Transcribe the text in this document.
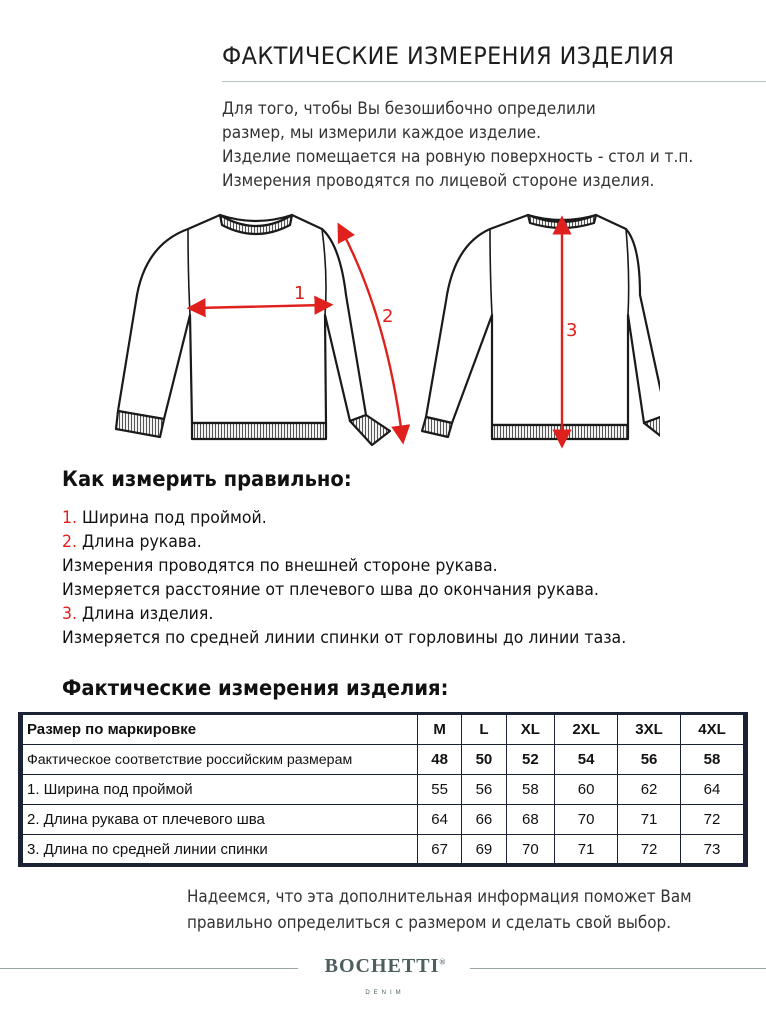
ФАКТИЧЕСКИЕ ИЗМЕРЕНИЯ ИЗДЕЛИЯ
Для того, чтобы Вы безошибочно определили
размер, мы измерили каждое изделие.
Изделие помещается на ровную поверхность - стол и т.п.
Измерения проводятся по лицевой стороне изделия.
1
2
3
Как измерить правильно:
1. Ширина под проймой.
2. Длина рукава.
Измерения проводятся по внешней стороне рукава.
Измеряется расстояние от плечевого шва до окончания рукава.
3. Длина изделия.
Измеряется по средней линии спинки от горловины до линии таза.
Фактические измерения изделия:
Размер по маркировке	M	L	XL	2XL	3XL	4XL
Фактическое соответствие российским размерам	48	50	52	54	56	58
1. Ширина под проймой	55	56	58	60	62	64
2. Длина рукава от плечевого шва	64	66	68	70	71	72
3. Длина по средней линии спинки	67	69	70	71	72	73
Надеемся, что эта дополнительная информация поможет Вам
правильно определиться с размером и сделать свой выбор.
BOCHETTI®
DENIM
